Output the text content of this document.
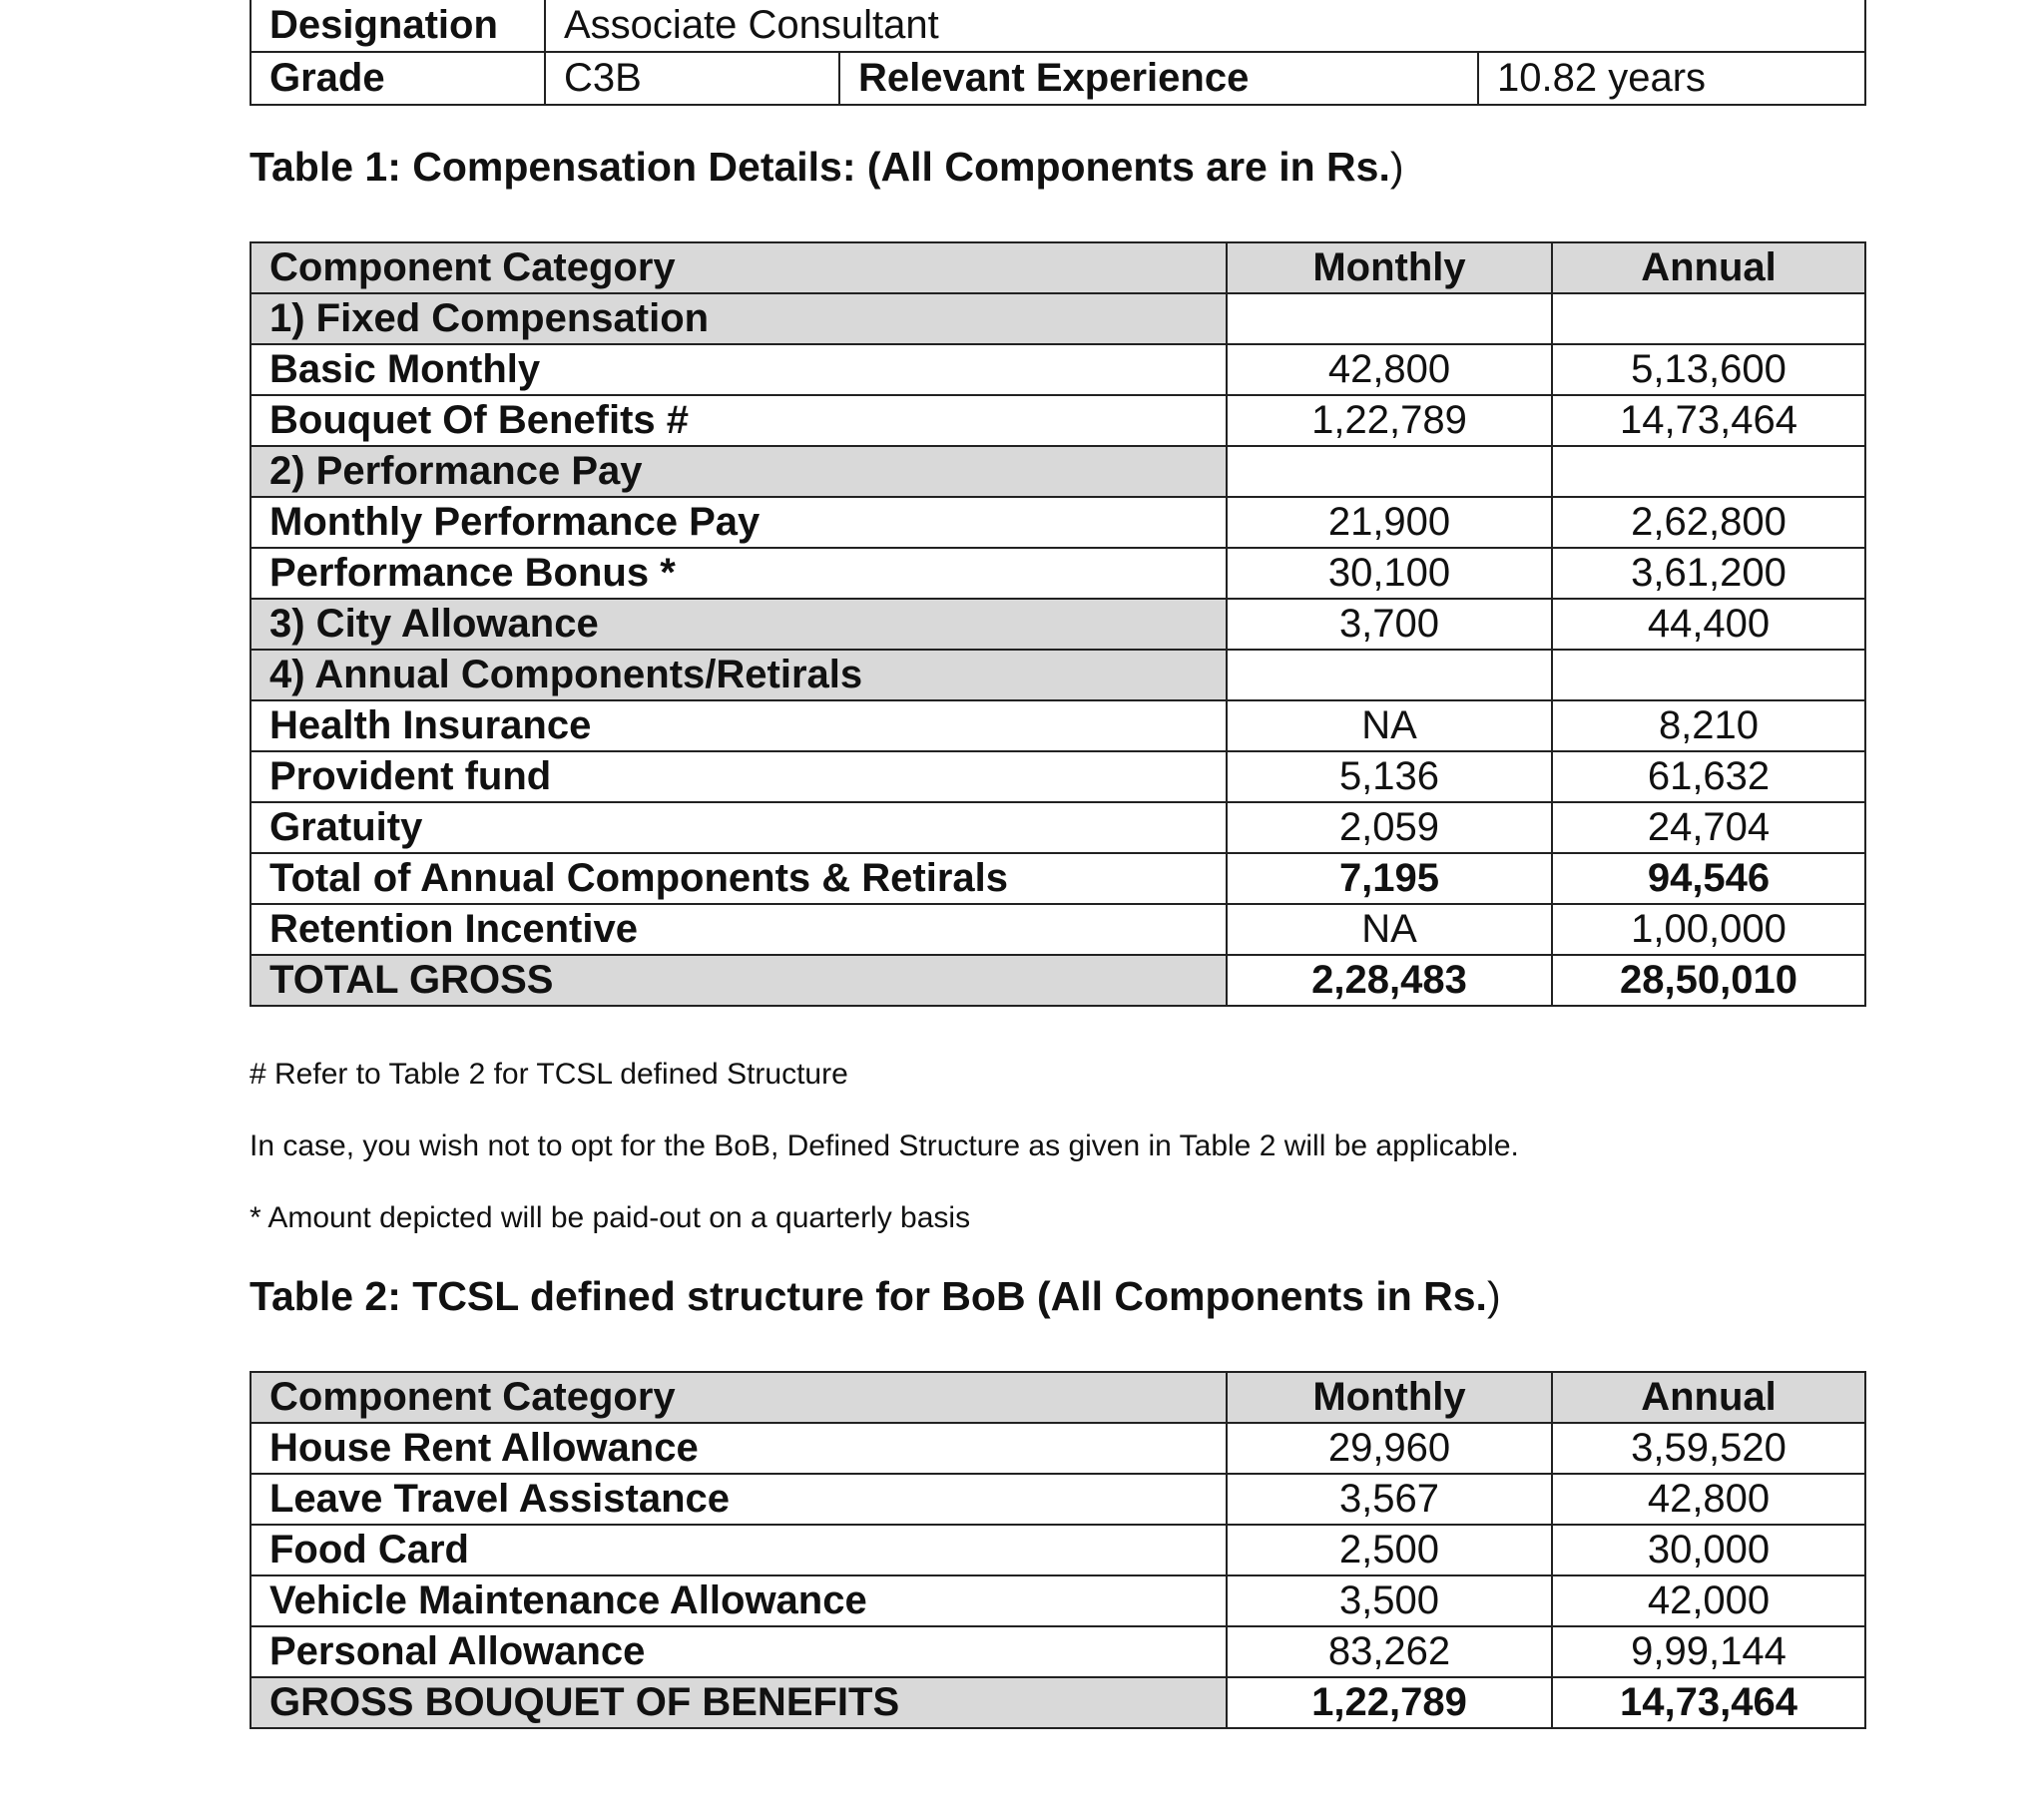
Designation	Associate Consultant		
Grade	C3B	Relevant Experience	10.82 years
Table 1: Compensation Details: (All Components are in Rs.)
Component Category	Monthly	Annual
1) Fixed Compensation		
Basic Monthly	42,800	5,13,600
Bouquet Of Benefits #	1,22,789	14,73,464
2) Performance Pay		
Monthly Performance Pay	21,900	2,62,800
Performance Bonus *	30,100	3,61,200
3) City Allowance	3,700	44,400
4) Annual Components/Retirals		
Health Insurance	NA	8,210
Provident fund	5,136	61,632
Gratuity	2,059	24,704
Total of Annual Components & Retirals	7,195	94,546
Retention Incentive	NA	1,00,000
TOTAL GROSS	2,28,483	28,50,010
# Refer to Table 2 for TCSL defined Structure
In case, you wish not to opt for the BoB, Defined Structure as given in Table 2 will be applicable.
* Amount depicted will be paid-out on a quarterly basis
Table 2: TCSL defined structure for BoB (All Components in Rs.)
Component Category	Monthly	Annual
House Rent Allowance	29,960	3,59,520
Leave Travel Assistance	3,567	42,800
Food Card	2,500	30,000
Vehicle Maintenance Allowance	3,500	42,000
Personal Allowance	83,262	9,99,144
GROSS BOUQUET OF BENEFITS	1,22,789	14,73,464
